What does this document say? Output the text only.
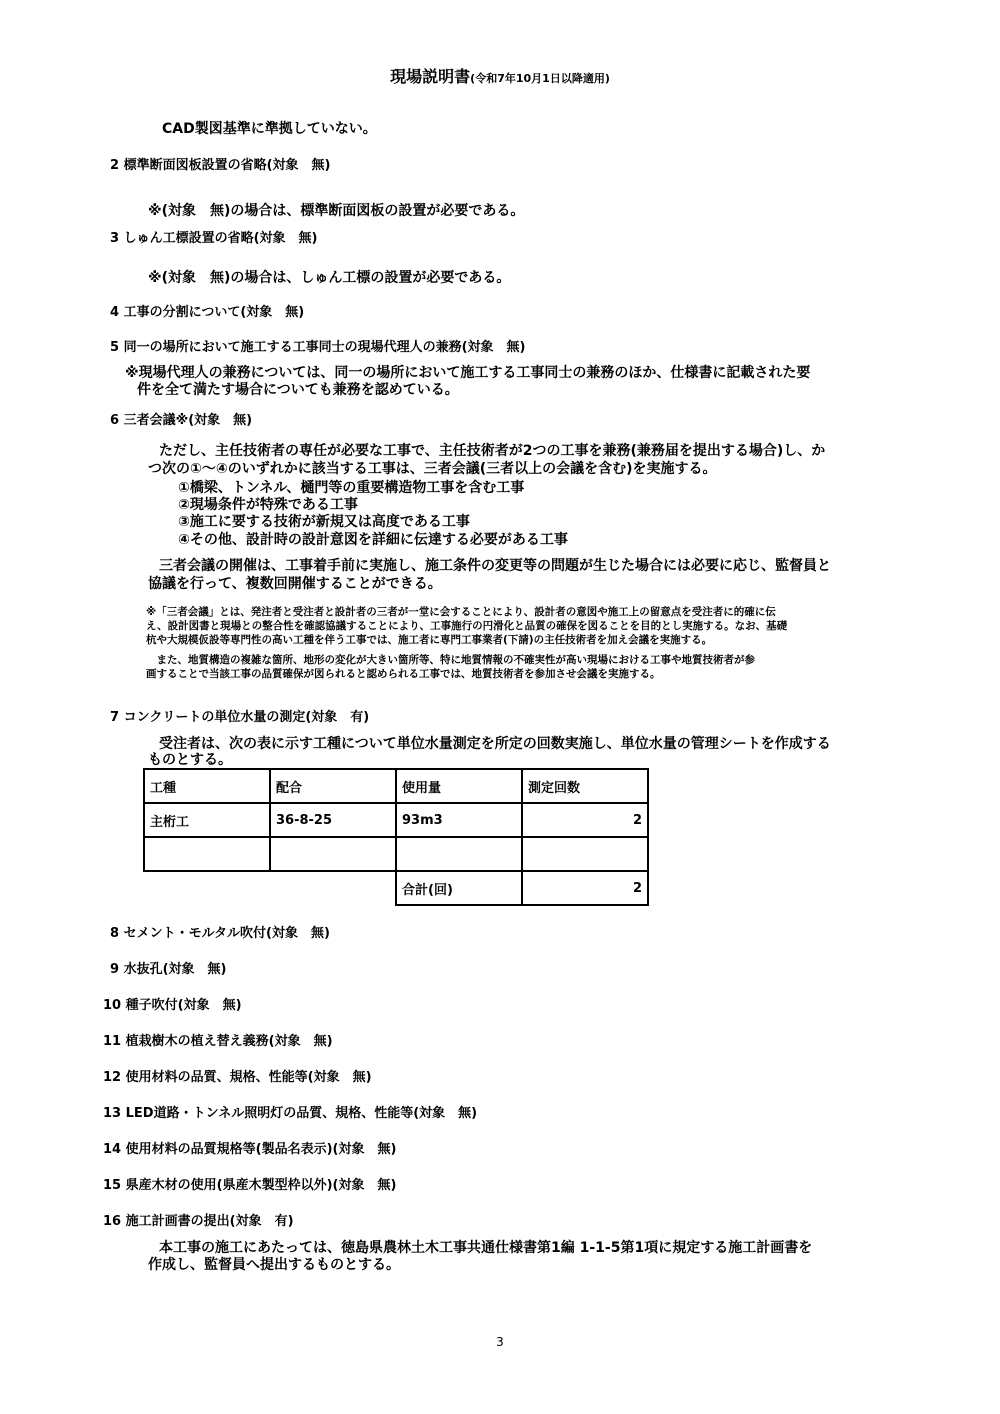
現場説明書(令和7年10月1日以降適用)
CAD製図基準に準拠していない。
2 標準断面図板設置の省略(対象　無)
※(対象　無)の場合は、標準断面図板の設置が必要である。
3 しゅん工標設置の省略(対象　無)
※(対象　無)の場合は、しゅん工標の設置が必要である。
4 工事の分割について(対象　無)
5 同一の場所において施工する工事同士の現場代理人の兼務(対象　無)
※現場代理人の兼務については、同一の場所において施工する工事同士の兼務のほか、仕様書に記載された要
件を全て満たす場合についても兼務を認めている。
6 三者会議※(対象　無)
ただし、主任技術者の専任が必要な工事で、主任技術者が2つの工事を兼務(兼務届を提出する場合)し、か
つ次の①～④のいずれかに該当する工事は、三者会議(三者以上の会議を含む)を実施する。
①橋梁、トンネル、樋門等の重要構造物工事を含む工事
②現場条件が特殊である工事
③施工に要する技術が新規又は高度である工事
④その他、設計時の設計意図を詳細に伝達する必要がある工事
三者会議の開催は、工事着手前に実施し、施工条件の変更等の問題が生じた場合には必要に応じ、監督員と
協議を行って、複数回開催することができる。
※「三者会議」とは、発注者と受注者と設計者の三者が一堂に会することにより、設計者の意図や施工上の留意点を受注者に的確に伝
え、設計図書と現場との整合性を確認協議することにより、工事施行の円滑化と品質の確保を図ることを目的とし実施する。なお、基礎
杭や大規模仮設等専門性の高い工種を伴う工事では、施工者に専門工事業者(下請)の主任技術者を加え会議を実施する。
　また、地質構造の複雑な箇所、地形の変化が大きい箇所等、特に地質情報の不確実性が高い現場における工事や地質技術者が参
画することで当該工事の品質確保が図られると認められる工事では、地質技術者を参加させ会議を実施する。
7 コンクリートの単位水量の測定(対象　有)
受注者は、次の表に示す工種について単位水量測定を所定の回数実施し、単位水量の管理シートを作成する
ものとする。
工種	配合	使用量	測定回数
主桁工	36-8-25	93m3	2

		合計(回)	2
8 セメント・モルタル吹付(対象　無)
9 水抜孔(対象　無)
10 種子吹付(対象　無)
11 植栽樹木の植え替え義務(対象　無)
12 使用材料の品質、規格、性能等(対象　無)
13 LED道路・トンネル照明灯の品質、規格、性能等(対象　無)
14 使用材料の品質規格等(製品名表示)(対象　無)
15 県産木材の使用(県産木製型枠以外)(対象　無)
16 施工計画書の提出(対象　有)
本工事の施工にあたっては、徳島県農林土木工事共通仕様書第1編 1-1-5第1項に規定する施工計画書を
作成し、監督員へ提出するものとする。
3
